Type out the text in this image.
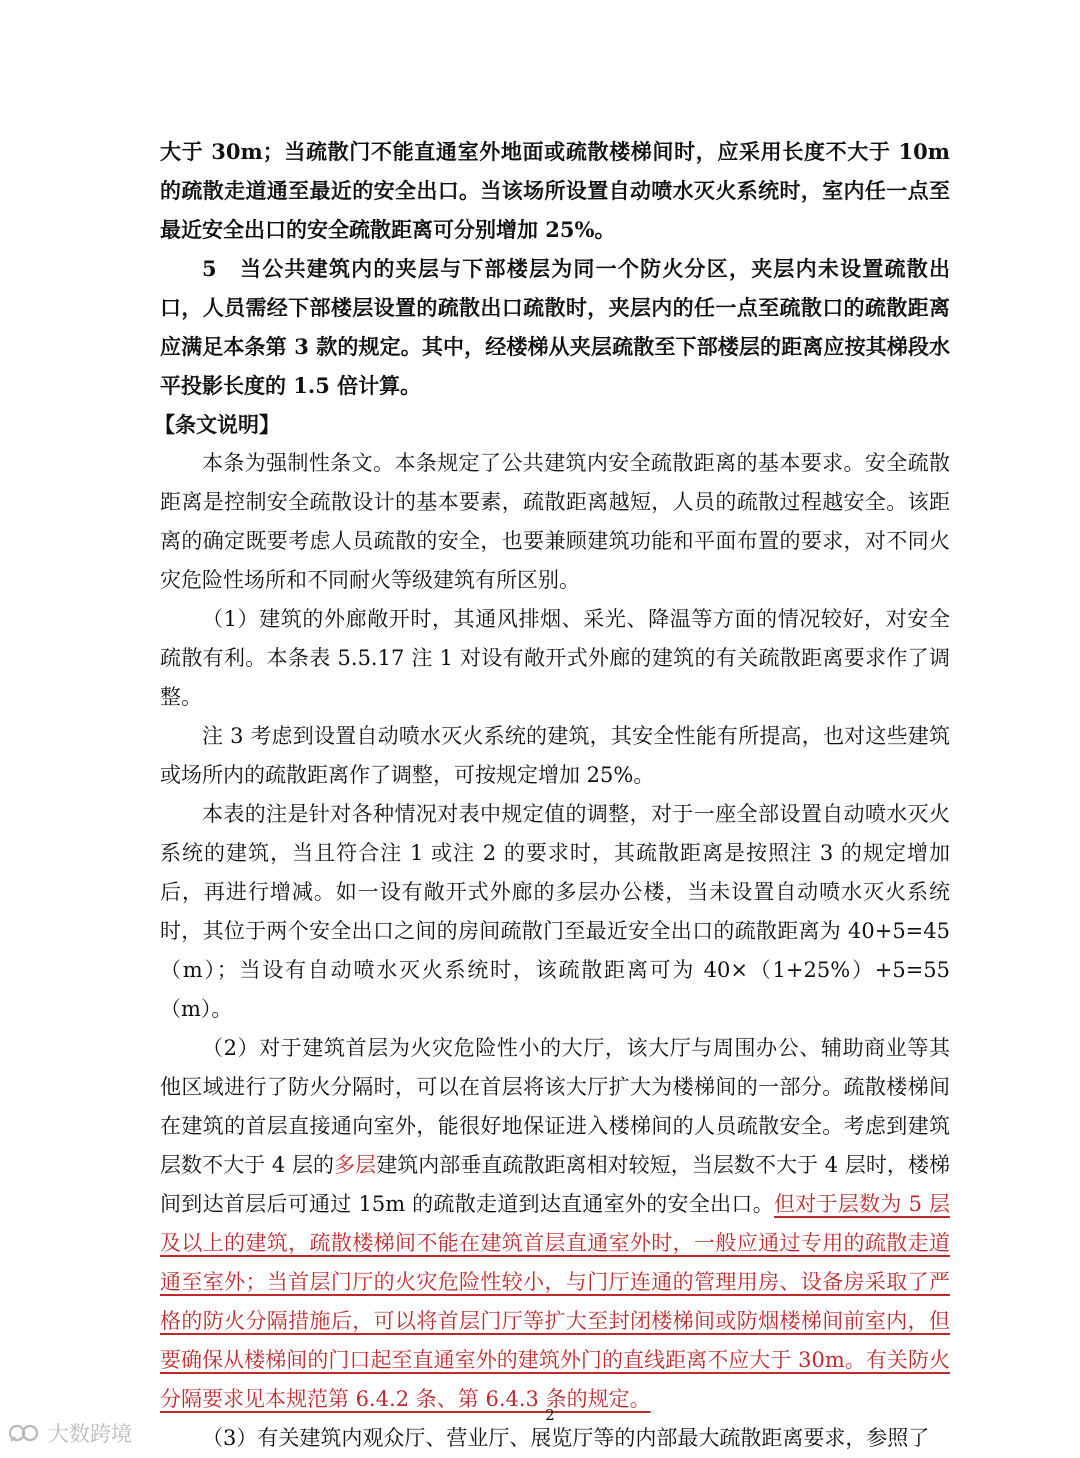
大于 30m；当疏散门不能直通室外地面或疏散楼梯间时，应采用长度不大于 10m 的疏散走道通至最近的安全出口。当该场所设置自动喷水灭火系统时，室内任一点至最近安全出口的安全疏散距离可分别增加 25%。

5　当公共建筑内的夹层与下部楼层为同一个防火分区，夹层内未设置疏散出口，人员需经下部楼层设置的疏散出口疏散时，夹层内的任一点至疏散口的疏散距离应满足本条第 3 款的规定。其中，经楼梯从夹层疏散至下部楼层的距离应按其梯段水平投影长度的 1.5 倍计算。

【条文说明】

本条为强制性条文。本条规定了公共建筑内安全疏散距离的基本要求。安全疏散距离是控制安全疏散设计的基本要素，疏散距离越短，人员的疏散过程越安全。该距离的确定既要考虑人员疏散的安全，也要兼顾建筑功能和平面布置的要求，对不同火灾危险性场所和不同耐火等级建筑有所区别。

（1）建筑的外廊敞开时，其通风排烟、采光、降温等方面的情况较好，对安全疏散有利。本条表 5.5.17 注 1 对设有敞开式外廊的建筑的有关疏散距离要求作了调整。

注 3 考虑到设置自动喷水灭火系统的建筑，其安全性能有所提高，也对这些建筑或场所内的疏散距离作了调整，可按规定增加 25%。

本表的注是针对各种情况对表中规定值的调整，对于一座全部设置自动喷水灭火系统的建筑，当且符合注 1 或注 2 的要求时，其疏散距离是按照注 3 的规定增加后，再进行增减。如一设有敞开式外廊的多层办公楼，当未设置自动喷水灭火系统时，其位于两个安全出口之间的房间疏散门至最近安全出口的疏散距离为 40+5=45（m）；当设有自动喷水灭火系统时，该疏散距离可为 40×（1+25%）+5=55（m）。

（2）对于建筑首层为火灾危险性小的大厅，该大厅与周围办公、辅助商业等其他区域进行了防火分隔时，可以在首层将该大厅扩大为楼梯间的一部分。疏散楼梯间在建筑的首层直接通向室外，能很好地保证进入楼梯间的人员疏散安全。考虑到建筑层数不大于 4 层的多层建筑内部垂直疏散距离相对较短，当层数不大于 4 层时，楼梯间到达首层后可通过 15m 的疏散走道到达直通室外的安全出口。但对于层数为 5 层及以上的建筑，疏散楼梯间不能在建筑首层直通室外时，一般应通过专用的疏散走道通至室外；当首层门厅的火灾危险性较小，与门厅连通的管理用房、设备房采取了严格的防火分隔措施后，可以将首层门厅等扩大至封闭楼梯间或防烟楼梯间前室内，但要确保从楼梯间的门口起至直通室外的建筑外门的直线距离不应大于 30m。有关防火分隔要求见本规范第 6.4.2 条、第 6.4.3 条的规定。

（3）有关建筑内观众厅、营业厅、展览厅等的内部最大疏散距离要求，参照了

2
大数跨境
